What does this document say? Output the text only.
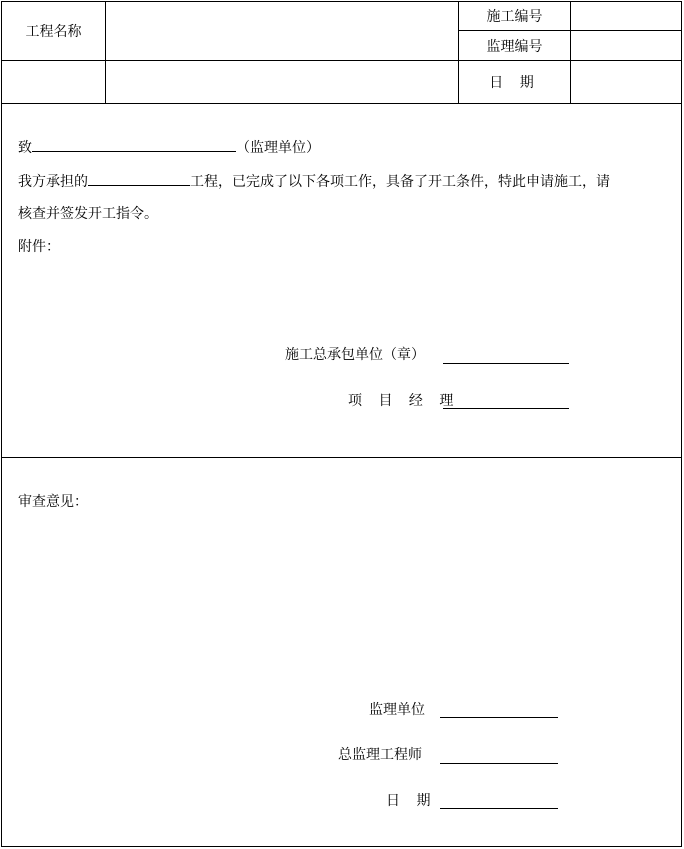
工程名称
施工编号
监理编号
日 期
致	（监理单位）
我方承担的	工程，已完成了以下各项工作，具备了开工条件，特此申请施工，请
核查并签发开工指令。
附件：
施工总承包单位（章）
项 目 经 理
审查意见：
监理单位
总监理工程师
日 期
